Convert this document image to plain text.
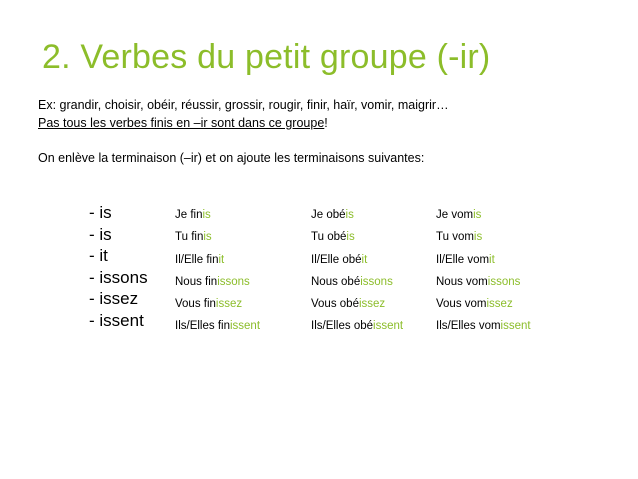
2. Verbes du petit groupe (-ir)
Ex: grandir, choisir, obéir, réussir, grossir, rougir, finir, haïr, vomir, maigrir…
Pas tous les verbes finis en –ir sont dans ce groupe!
On enlève la terminaison (–ir) et on ajoute les terminaisons suivantes:
- is
- is
- it
- issons
- issez
- issent
Je finis
Tu finis
Il/Elle finit
Nous finissons
Vous finissez
Ils/Elles finissent
Je obéis
Tu obéis
Il/Elle obéit
Nous obéissons
Vous obéissez
Ils/Elles obéissent
Je vomis
Tu vomis
Il/Elle vomit
Nous vomissons
Vous vomissez
Ils/Elles vomissent
